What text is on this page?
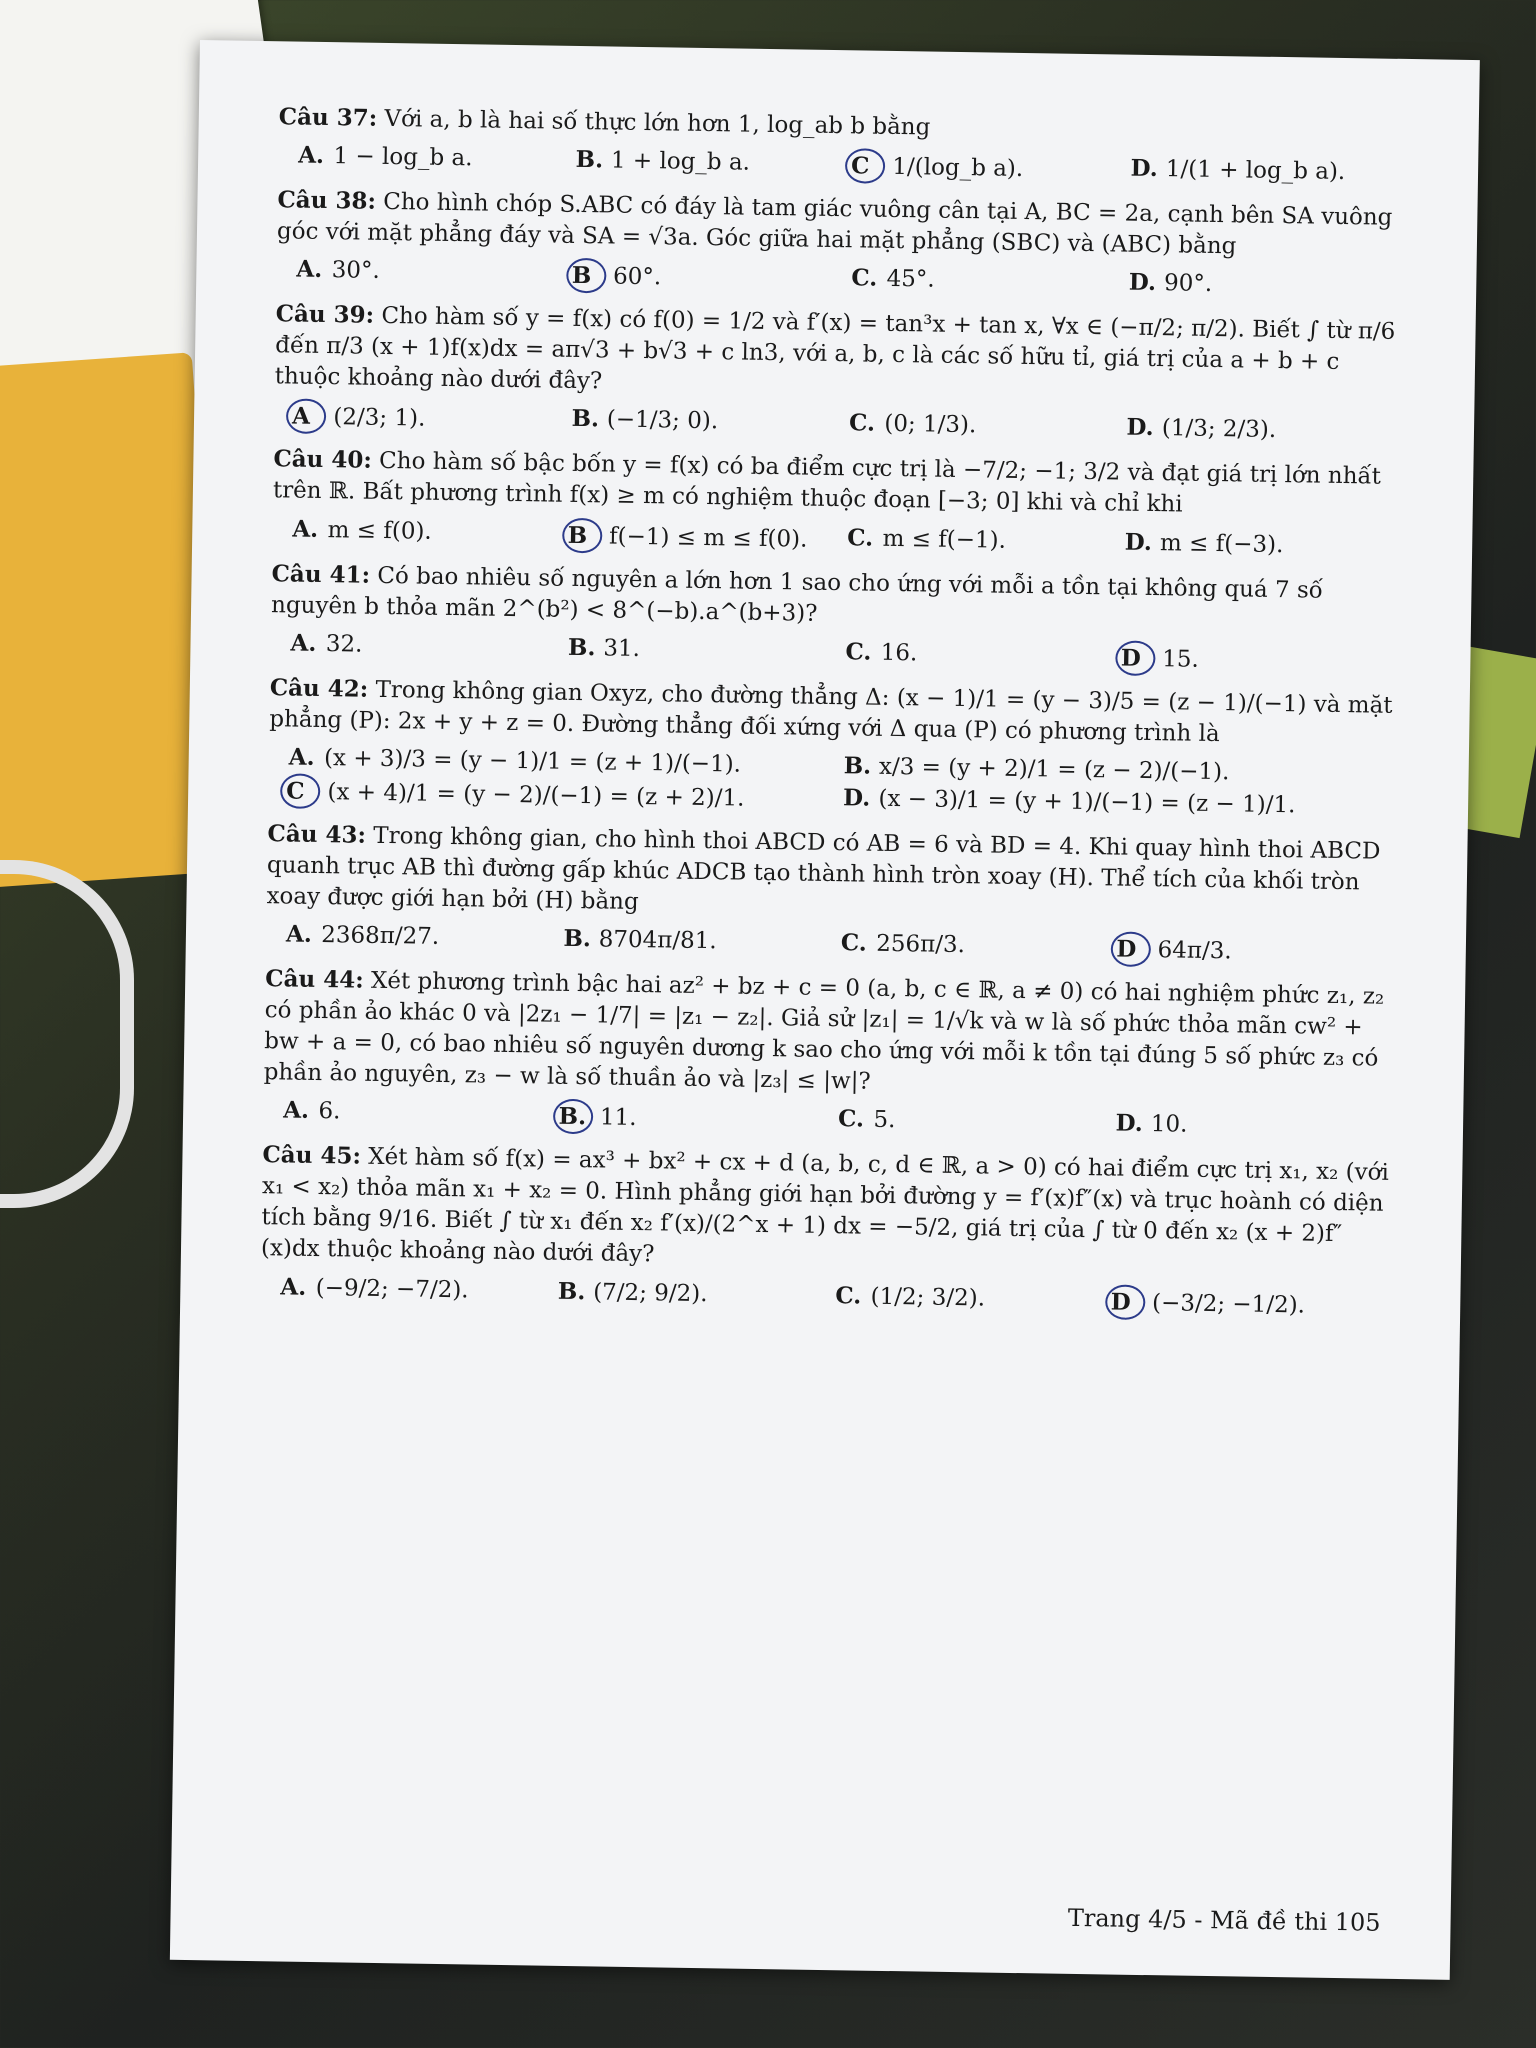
Câu 37: Với a, b là hai số thực lớn hơn 1, log_ab b bằng
A. 1 − log_b a.	B. 1 + log_b a.	C 1/(log_b a).	D. 1/(1 + log_b a).
Câu 38: Cho hình chóp S.ABC có đáy là tam giác vuông cân tại A, BC = 2a, cạnh bên SA vuông góc với mặt phẳng đáy và SA = √3a. Góc giữa hai mặt phẳng (SBC) và (ABC) bằng
A. 30°.	B 60°.	C. 45°.	D. 90°.
Câu 39: Cho hàm số y = f(x) có f(0) = 1/2 và f′(x) = tan³x + tan x, ∀x ∈ (−π/2; π/2). Biết ∫ từ π/6 đến π/3 (x + 1)f(x)dx = aπ√3 + b√3 + c ln3, với a, b, c là các số hữu tỉ, giá trị của a + b + c thuộc khoảng nào dưới đây?
A (2/3; 1).	B. (−1/3; 0).	C. (0; 1/3).	D. (1/3; 2/3).
Câu 40: Cho hàm số bậc bốn y = f(x) có ba điểm cực trị là −7/2; −1; 3/2 và đạt giá trị lớn nhất trên ℝ. Bất phương trình f(x) ≥ m có nghiệm thuộc đoạn [−3; 0] khi và chỉ khi
A. m ≤ f(0).	B f(−1) ≤ m ≤ f(0).	C. m ≤ f(−1).	D. m ≤ f(−3).
Câu 41: Có bao nhiêu số nguyên a lớn hơn 1 sao cho ứng với mỗi a tồn tại không quá 7 số nguyên b thỏa mãn 2^(b²) < 8^(−b).a^(b+3)?
A. 32.	B. 31.	C. 16.	D 15.
Câu 42: Trong không gian Oxyz, cho đường thẳng Δ: (x − 1)/1 = (y − 3)/5 = (z − 1)/(−1) và mặt phẳng (P): 2x + y + z = 0. Đường thẳng đối xứng với Δ qua (P) có phương trình là
A. (x + 3)/3 = (y − 1)/1 = (z + 1)/(−1).	B. x/3 = (y + 2)/1 = (z − 2)/(−1).
C (x + 4)/1 = (y − 2)/(−1) = (z + 2)/1.	D. (x − 3)/1 = (y + 1)/(−1) = (z − 1)/1.
Câu 43: Trong không gian, cho hình thoi ABCD có AB = 6 và BD = 4. Khi quay hình thoi ABCD quanh trục AB thì đường gấp khúc ADCB tạo thành hình tròn xoay (H). Thể tích của khối tròn xoay được giới hạn bởi (H) bằng
A. 2368π/27.	B. 8704π/81.	C. 256π/3.	D 64π/3.
Câu 44: Xét phương trình bậc hai az² + bz + c = 0 (a, b, c ∈ ℝ, a ≠ 0) có hai nghiệm phức z₁, z₂ có phần ảo khác 0 và |2z₁ − 1/7| = |z₁ − z₂|. Giả sử |z₁| = 1/√k và w là số phức thỏa mãn cw² + bw + a = 0, có bao nhiêu số nguyên dương k sao cho ứng với mỗi k tồn tại đúng 5 số phức z₃ có phần ảo nguyên, z₃ − w là số thuần ảo và |z₃| ≤ |w|?
A. 6.	B. 11.	C. 5.	D. 10.
Câu 45: Xét hàm số f(x) = ax³ + bx² + cx + d (a, b, c, d ∈ ℝ, a > 0) có hai điểm cực trị x₁, x₂ (với x₁ < x₂) thỏa mãn x₁ + x₂ = 0. Hình phẳng giới hạn bởi đường y = f′(x)f″(x) và trục hoành có diện tích bằng 9/16. Biết ∫ từ x₁ đến x₂ f′(x)/(2^x + 1) dx = −5/2, giá trị của ∫ từ 0 đến x₂ (x + 2)f″(x)dx thuộc khoảng nào dưới đây?
A. (−9/2; −7/2).	B. (7/2; 9/2).	C. (1/2; 3/2).	D (−3/2; −1/2).
Trang 4/5 - Mã đề thi 105
